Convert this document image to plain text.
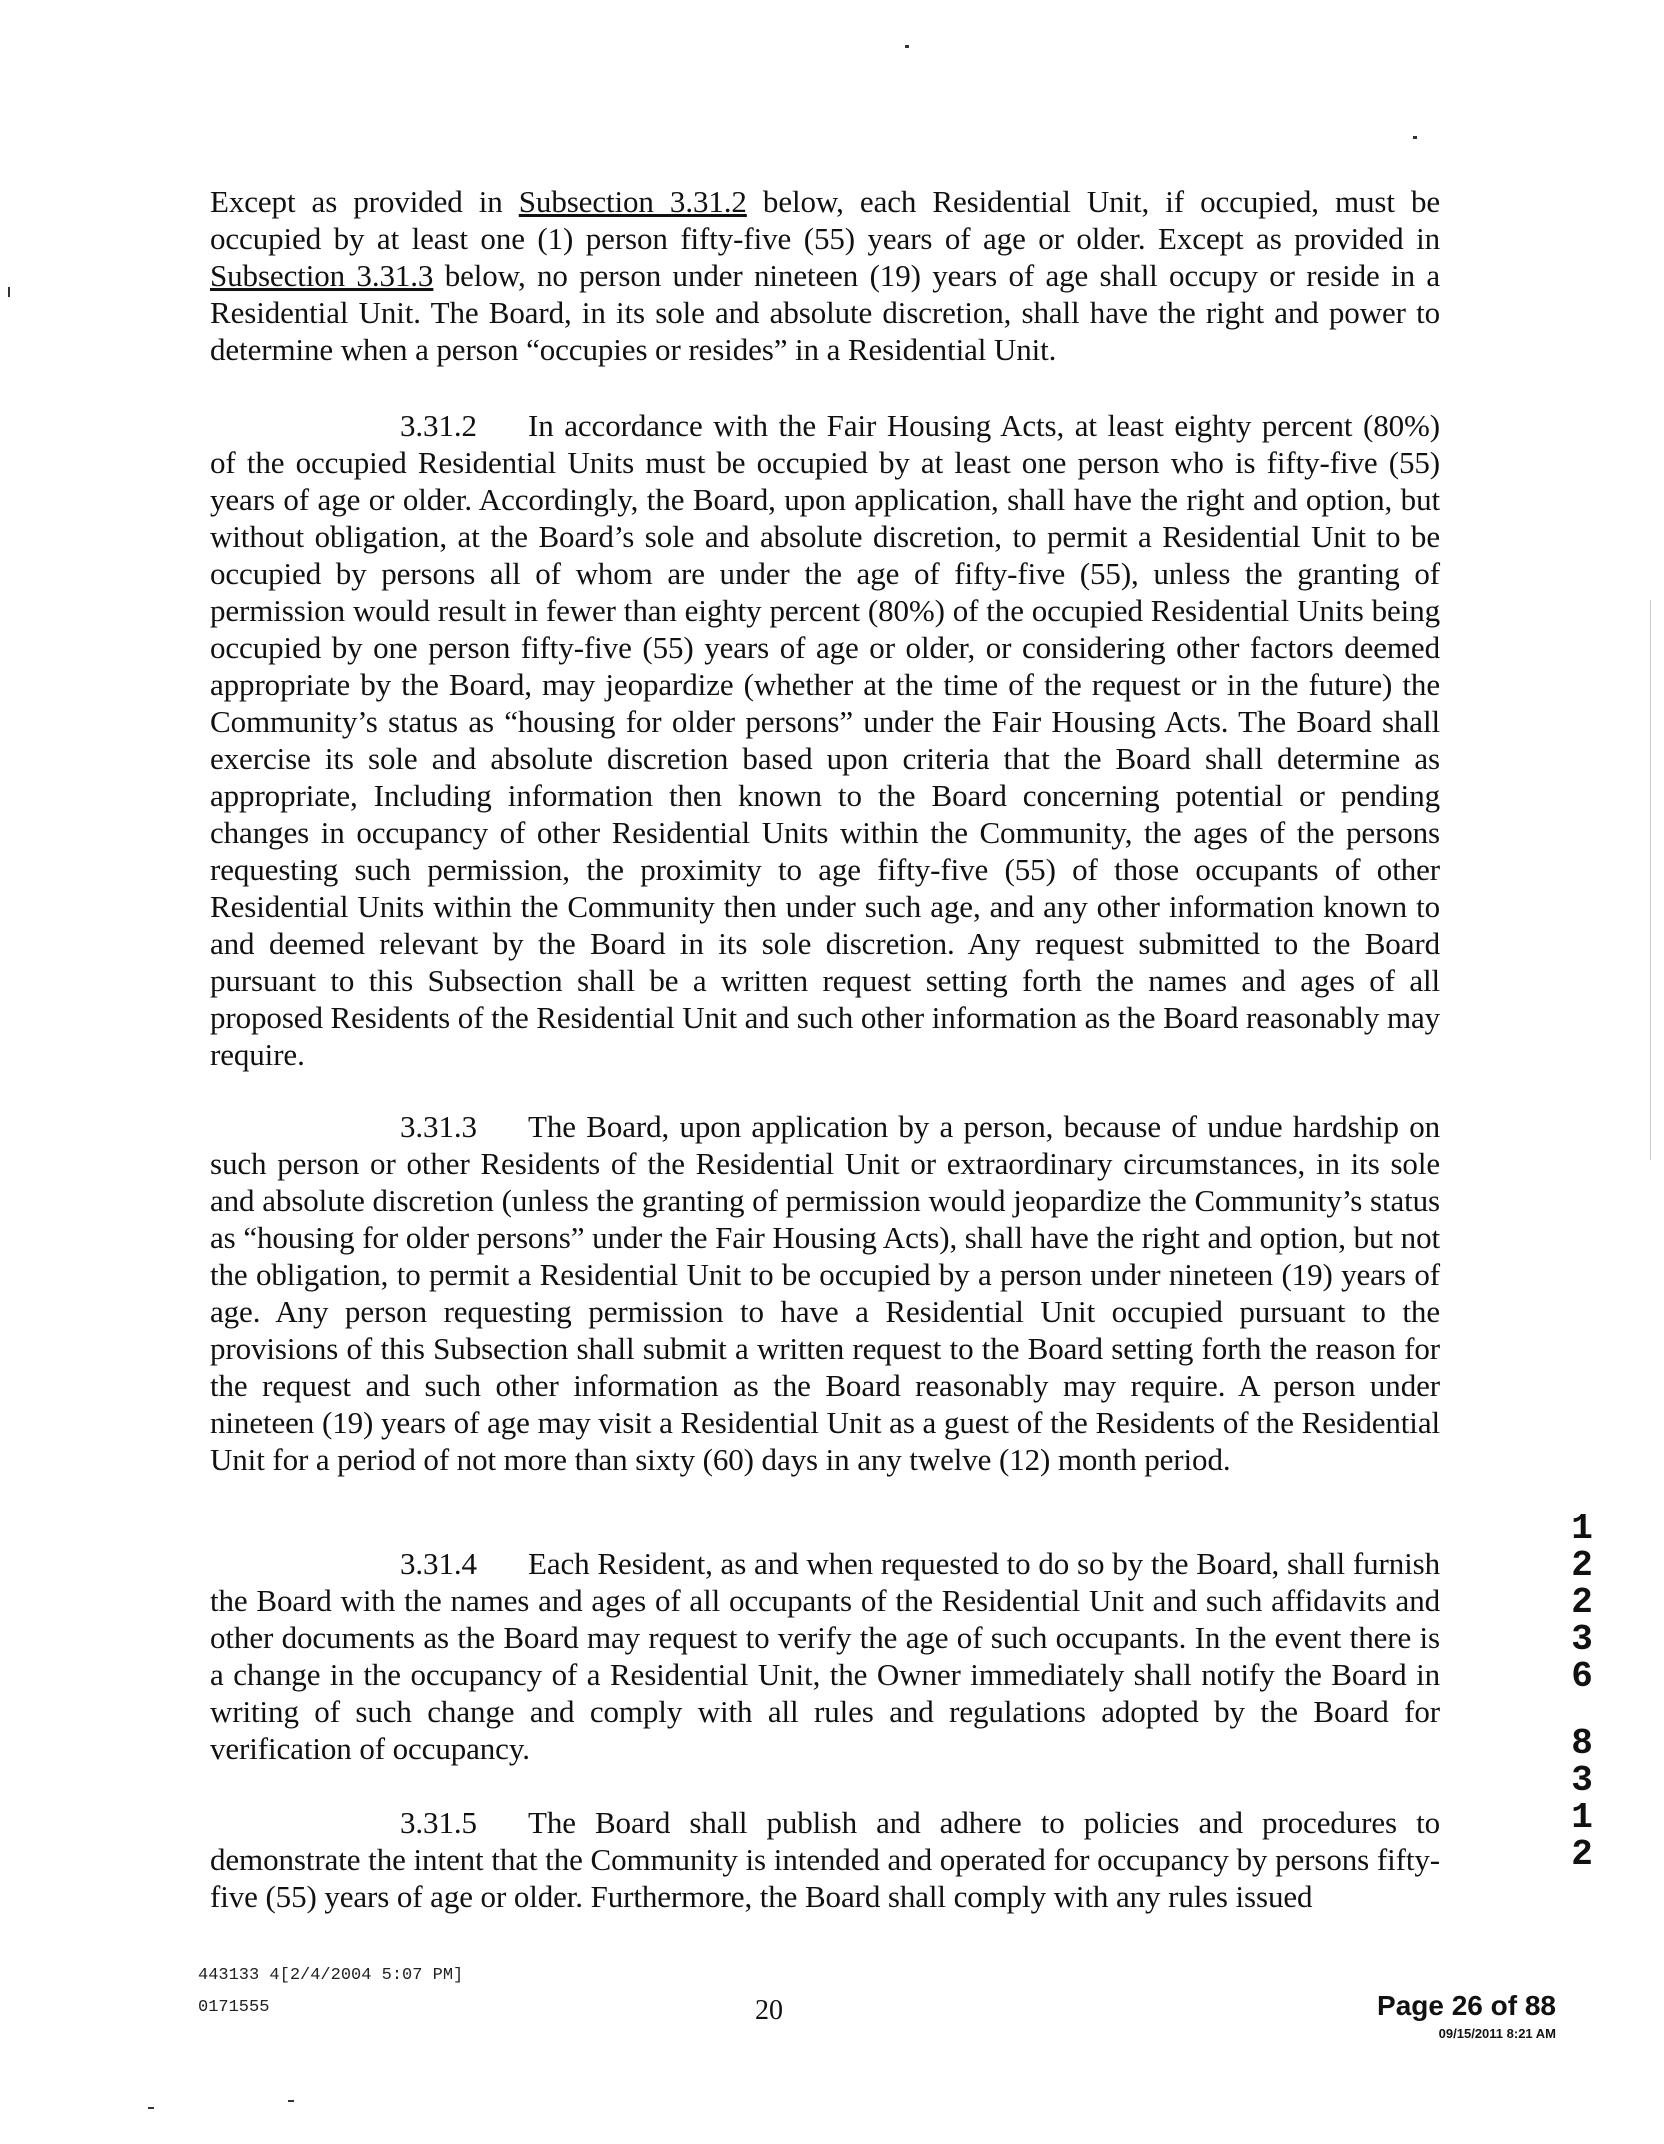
Except as provided in Subsection 3.31.2 below, each Residential Unit, if occupied, must be occupied by at least one (1) person fifty-five (55) years of age or older. Except as provided in Subsection 3.31.3 below, no person under nineteen (19) years of age shall occupy or reside in a Residential Unit. The Board, in its sole and absolute discretion, shall have the right and power to determine when a person “occupies or resides” in a Residential Unit.
3.31.2 In accordance with the Fair Housing Acts, at least eighty percent (80%) of the occupied Residential Units must be occupied by at least one person who is fifty-five (55) years of age or older. Accordingly, the Board, upon application, shall have the right and option, but without obligation, at the Board’s sole and absolute discretion, to permit a Residential Unit to be occupied by persons all of whom are under the age of fifty-five (55), unless the granting of permission would result in fewer than eighty percent (80%) of the occupied Residential Units being occupied by one person fifty-five (55) years of age or older, or considering other factors deemed appropriate by the Board, may jeopardize (whether at the time of the request or in the future) the Community’s status as “housing for older persons” under the Fair Housing Acts. The Board shall exercise its sole and absolute discretion based upon criteria that the Board shall determine as appropriate, Including information then known to the Board concerning potential or pending changes in occupancy of other Residential Units within the Community, the ages of the persons requesting such permission, the proximity to age fifty-five (55) of those occupants of other Residential Units within the Community then under such age, and any other information known to and deemed relevant by the Board in its sole discretion. Any request submitted to the Board pursuant to this Subsection shall be a written request setting forth the names and ages of all proposed Residents of the Residential Unit and such other information as the Board reasonably may require.
3.31.3 The Board, upon application by a person, because of undue hardship on such person or other Residents of the Residential Unit or extraordinary circumstances, in its sole and absolute discretion (unless the granting of permission would jeopardize the Community’s status as “housing for older persons” under the Fair Housing Acts), shall have the right and option, but not the obligation, to permit a Residential Unit to be occupied by a person under nineteen (19) years of age. Any person requesting permission to have a Residential Unit occupied pursuant to the provisions of this Subsection shall submit a written request to the Board setting forth the reason for the request and such other information as the Board reasonably may require. A person under nineteen (19) years of age may visit a Residential Unit as a guest of the Residents of the Residential Unit for a period of not more than sixty (60) days in any twelve (12) month period.
3.31.4 Each Resident, as and when requested to do so by the Board, shall furnish the Board with the names and ages of all occupants of the Residential Unit and such affidavits and other documents as the Board may request to verify the age of such occupants. In the event there is a change in the occupancy of a Residential Unit, the Owner immediately shall notify the Board in writing of such change and comply with all rules and regulations adopted by the Board for verification of occupancy.
3.31.5 The Board shall publish and adhere to policies and procedures to demonstrate the intent that the Community is intended and operated for occupancy by persons fifty-five (55) years of age or older. Furthermore, the Board shall comply with any rules issued
1
2
2
3
6
8
3
1
2
443133 4[2/4/2004 5:07 PM]
0171555	20	Page 26 of 88
09/15/2011 8:21 AM
